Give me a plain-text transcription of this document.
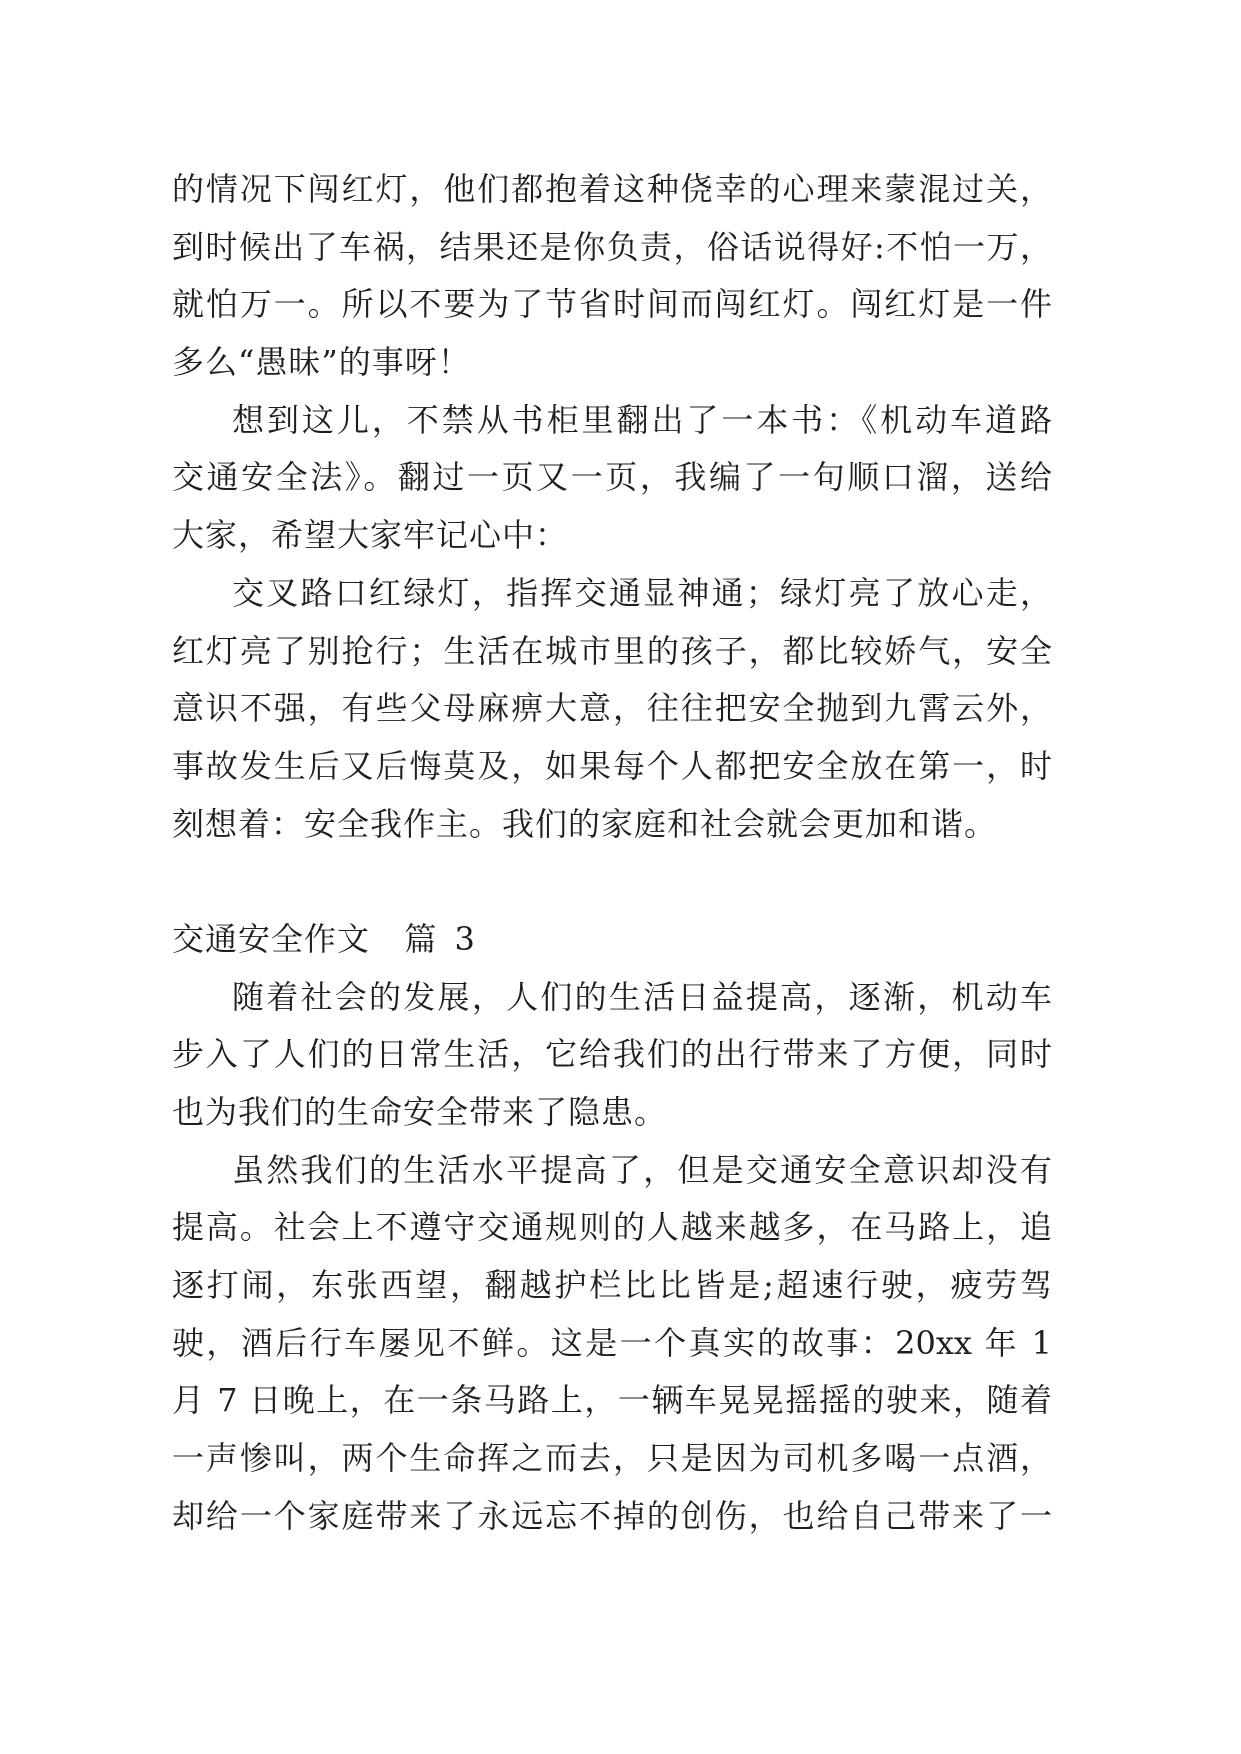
的情况下闯红灯，他们都抱着这种侥幸的心理来蒙混过关，
到时候出了车祸，结果还是你负责，俗话说得好:不怕一万，
就怕万一。所以不要为了节省时间而闯红灯。闯红灯是一件
多么“愚昧”的事呀！
想到这儿，不禁从书柜里翻出了一本书：《机动车道路
交通安全法》。翻过一页又一页，我编了一句顺口溜，送给
大家，希望大家牢记心中：
交叉路口红绿灯，指挥交通显神通；绿灯亮了放心走，
红灯亮了别抢行；生活在城市里的孩子，都比较娇气，安全
意识不强，有些父母麻痹大意，往往把安全抛到九霄云外，
事故发生后又后悔莫及，如果每个人都把安全放在第一，时
刻想着：安全我作主。我们的家庭和社会就会更加和谐。
交通安全作文  篇 3
随着社会的发展，人们的生活日益提高，逐渐，机动车
步入了人们的日常生活，它给我们的出行带来了方便，同时
也为我们的生命安全带来了隐患。
虽然我们的生活水平提高了，但是交通安全意识却没有
提高。社会上不遵守交通规则的人越来越多，在马路上，追
逐打闹，东张西望，翻越护栏比比皆是;超速行驶，疲劳驾
驶，酒后行车屡见不鲜。这是一个真实的故事：20xx 年 1
月 7 日晚上，在一条马路上，一辆车晃晃摇摇的驶来，随着
一声惨叫，两个生命挥之而去，只是因为司机多喝一点酒，
却给一个家庭带来了永远忘不掉的创伤，也给自己带来了一
